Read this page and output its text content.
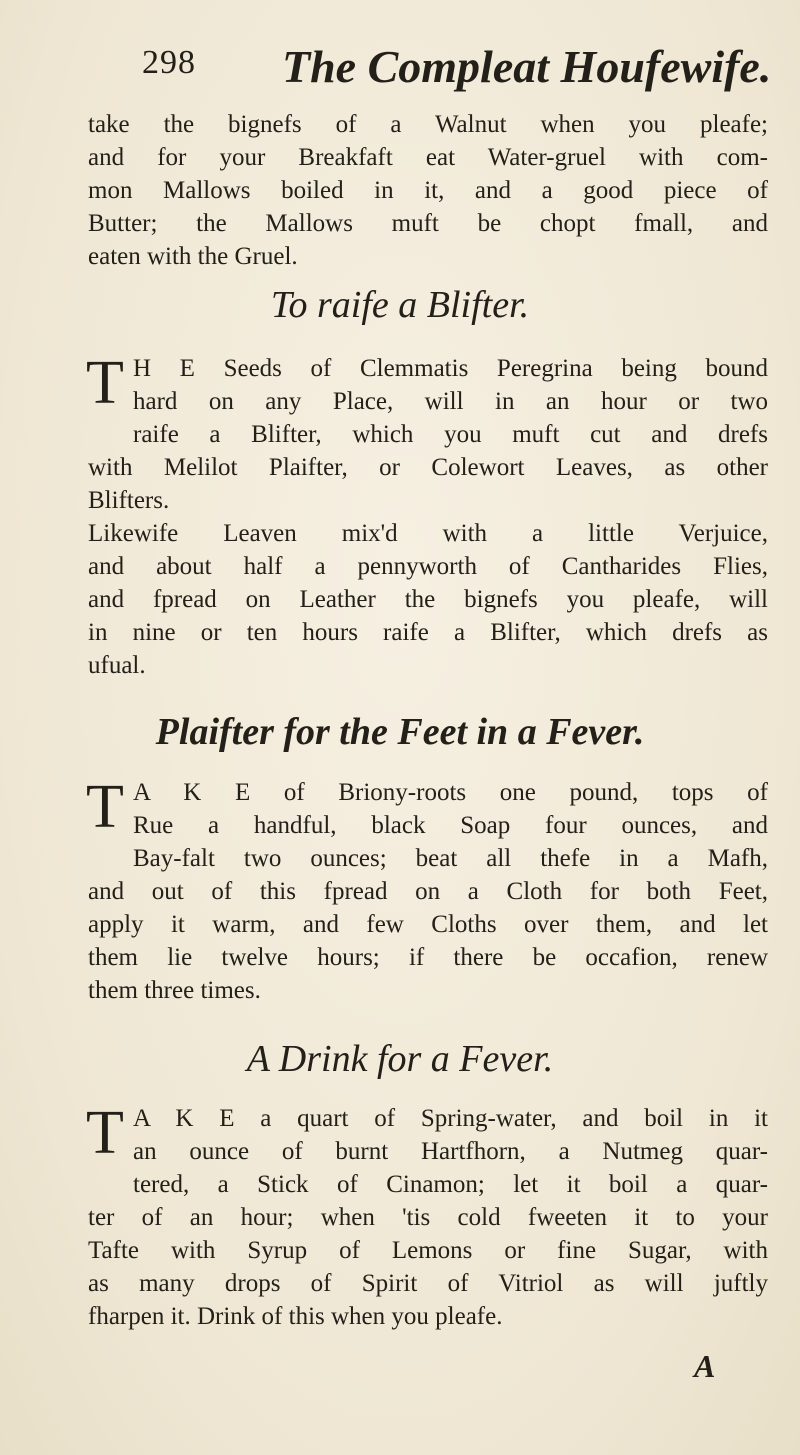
298 The Compleat Houfewife.
take the bignefs of a Walnut when you pleafe;
and for your Breakfaft eat Water-gruel with com-
mon Mallows boiled in it, and a good piece of
Butter; the Mallows muft be chopt fmall, and
eaten with the Gruel.
To raife a Blifter.
T H E Seeds of Clemmatis Peregrina being bound
hard on any Place, will in an hour or two
raife a Blifter, which you muft cut and drefs
with Melilot Plaifter, or Colewort Leaves, as other
Blifters.
Likewife Leaven mix'd with a little Verjuice,
and about half a pennyworth of Cantharides Flies,
and fpread on Leather the bignefs you pleafe, will
in nine or ten hours raife a Blifter, which drefs as
ufual.
Plaifter for the Feet in a Fever.
T A K E of Briony-roots one pound, tops of
Rue a handful, black Soap four ounces, and
Bay-falt two ounces; beat all thefe in a Mafh,
and out of this fpread on a Cloth for both Feet,
apply it warm, and few Cloths over them, and let
them lie twelve hours; if there be occafion, renew
them three times.
A Drink for a Fever.
T A K E a quart of Spring-water, and boil in it
an ounce of burnt Hartfhorn, a Nutmeg quar-
tered, a Stick of Cinamon; let it boil a quar-
ter of an hour; when 'tis cold fweeten it to your
Tafte with Syrup of Lemons or fine Sugar, with
as many drops of Spirit of Vitriol as will juftly
fharpen it. Drink of this when you pleafe.
A
